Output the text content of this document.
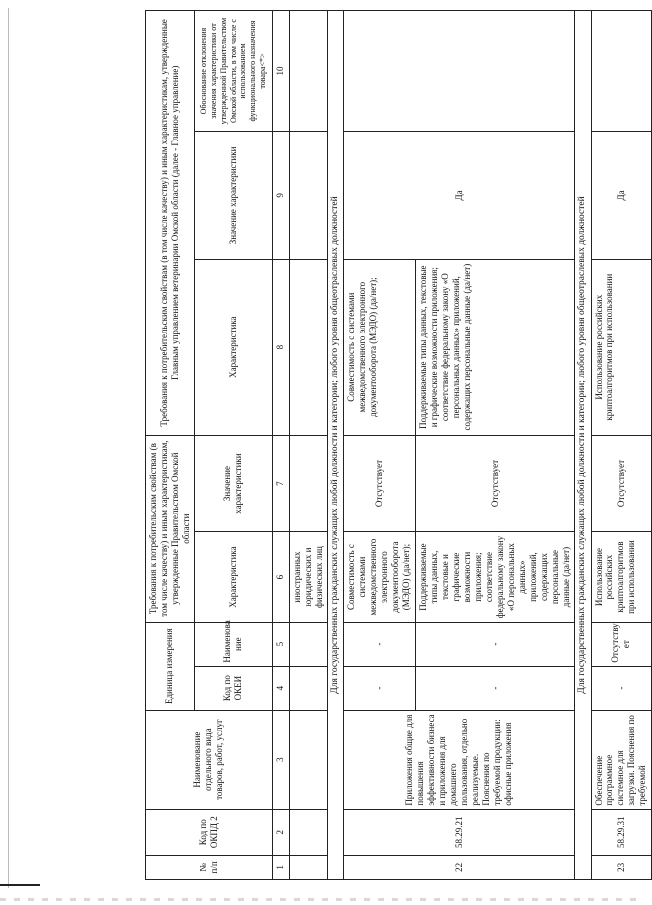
№ п/п	Код по ОКПД 2	Наименование отдельного вида товаров, работ, услуг	Единица измерения		Требования к потребительским свойствам (в том числе качеству) и иным характеристикам, утвержденные Правительством Омской области		Требования к потребительским свойствам (в том числе качеству) и иным характеристикам, утвержденные Главным управлением ветеринарии Омской области (далее - Главное управление)		
			Код по ОКЕИ	Наименова ние	Характеристика	Значение характеристики	Характеристика	Значение характеристики	Обоснование отклонения значения характеристики от утвержденной Правительством Омской области, в том числе с использованием функционального назначения товара<*>
1	2	3	4	5	6	7	8	9	10
					иностранных юридических и физических лиц				
Для государственных гражданских служащих любой должности и категории; любого уровня общеотраслевых должностей									
22	58.29.21	Приложения общие для повышения эффективности бизнеса и приложения для домашнего пользования, отдельно реализуемые. Пояснения по требуемой продукции: офисные приложения	-	-	Совместимость с системами межведомственного электронного документооборота (МЭДО) (да/нет);	Отсутствует	Совместимость с системами межведомственного электронного документооборота (МЭДО) (да/нет);	Да	
			-	-	Поддерживаемые типы данных, текстовые и графические возможности приложения; соответствие федеральному закону «О персональных данных» приложений, содержащих персональные данные (да/нет)	Отсутствует	Поддерживаемые типы данных, текстовые и графические возможности приложения; соответствие федеральному закону «О персональных данных» приложений, содержащих персональные данные (да/нет)		
Для государственных гражданских служащих любой должности и категории; любого уровня общеотраслевых должностей									
23	58.29.31	Обеспечение программное системное для загрузки. Пояснения по требуемой	-	Отсутству ет	Использование российских криптоалгоритмов при использовании	Отсутствует	Использование российских криптоалгоритмов при использовании	Да	
